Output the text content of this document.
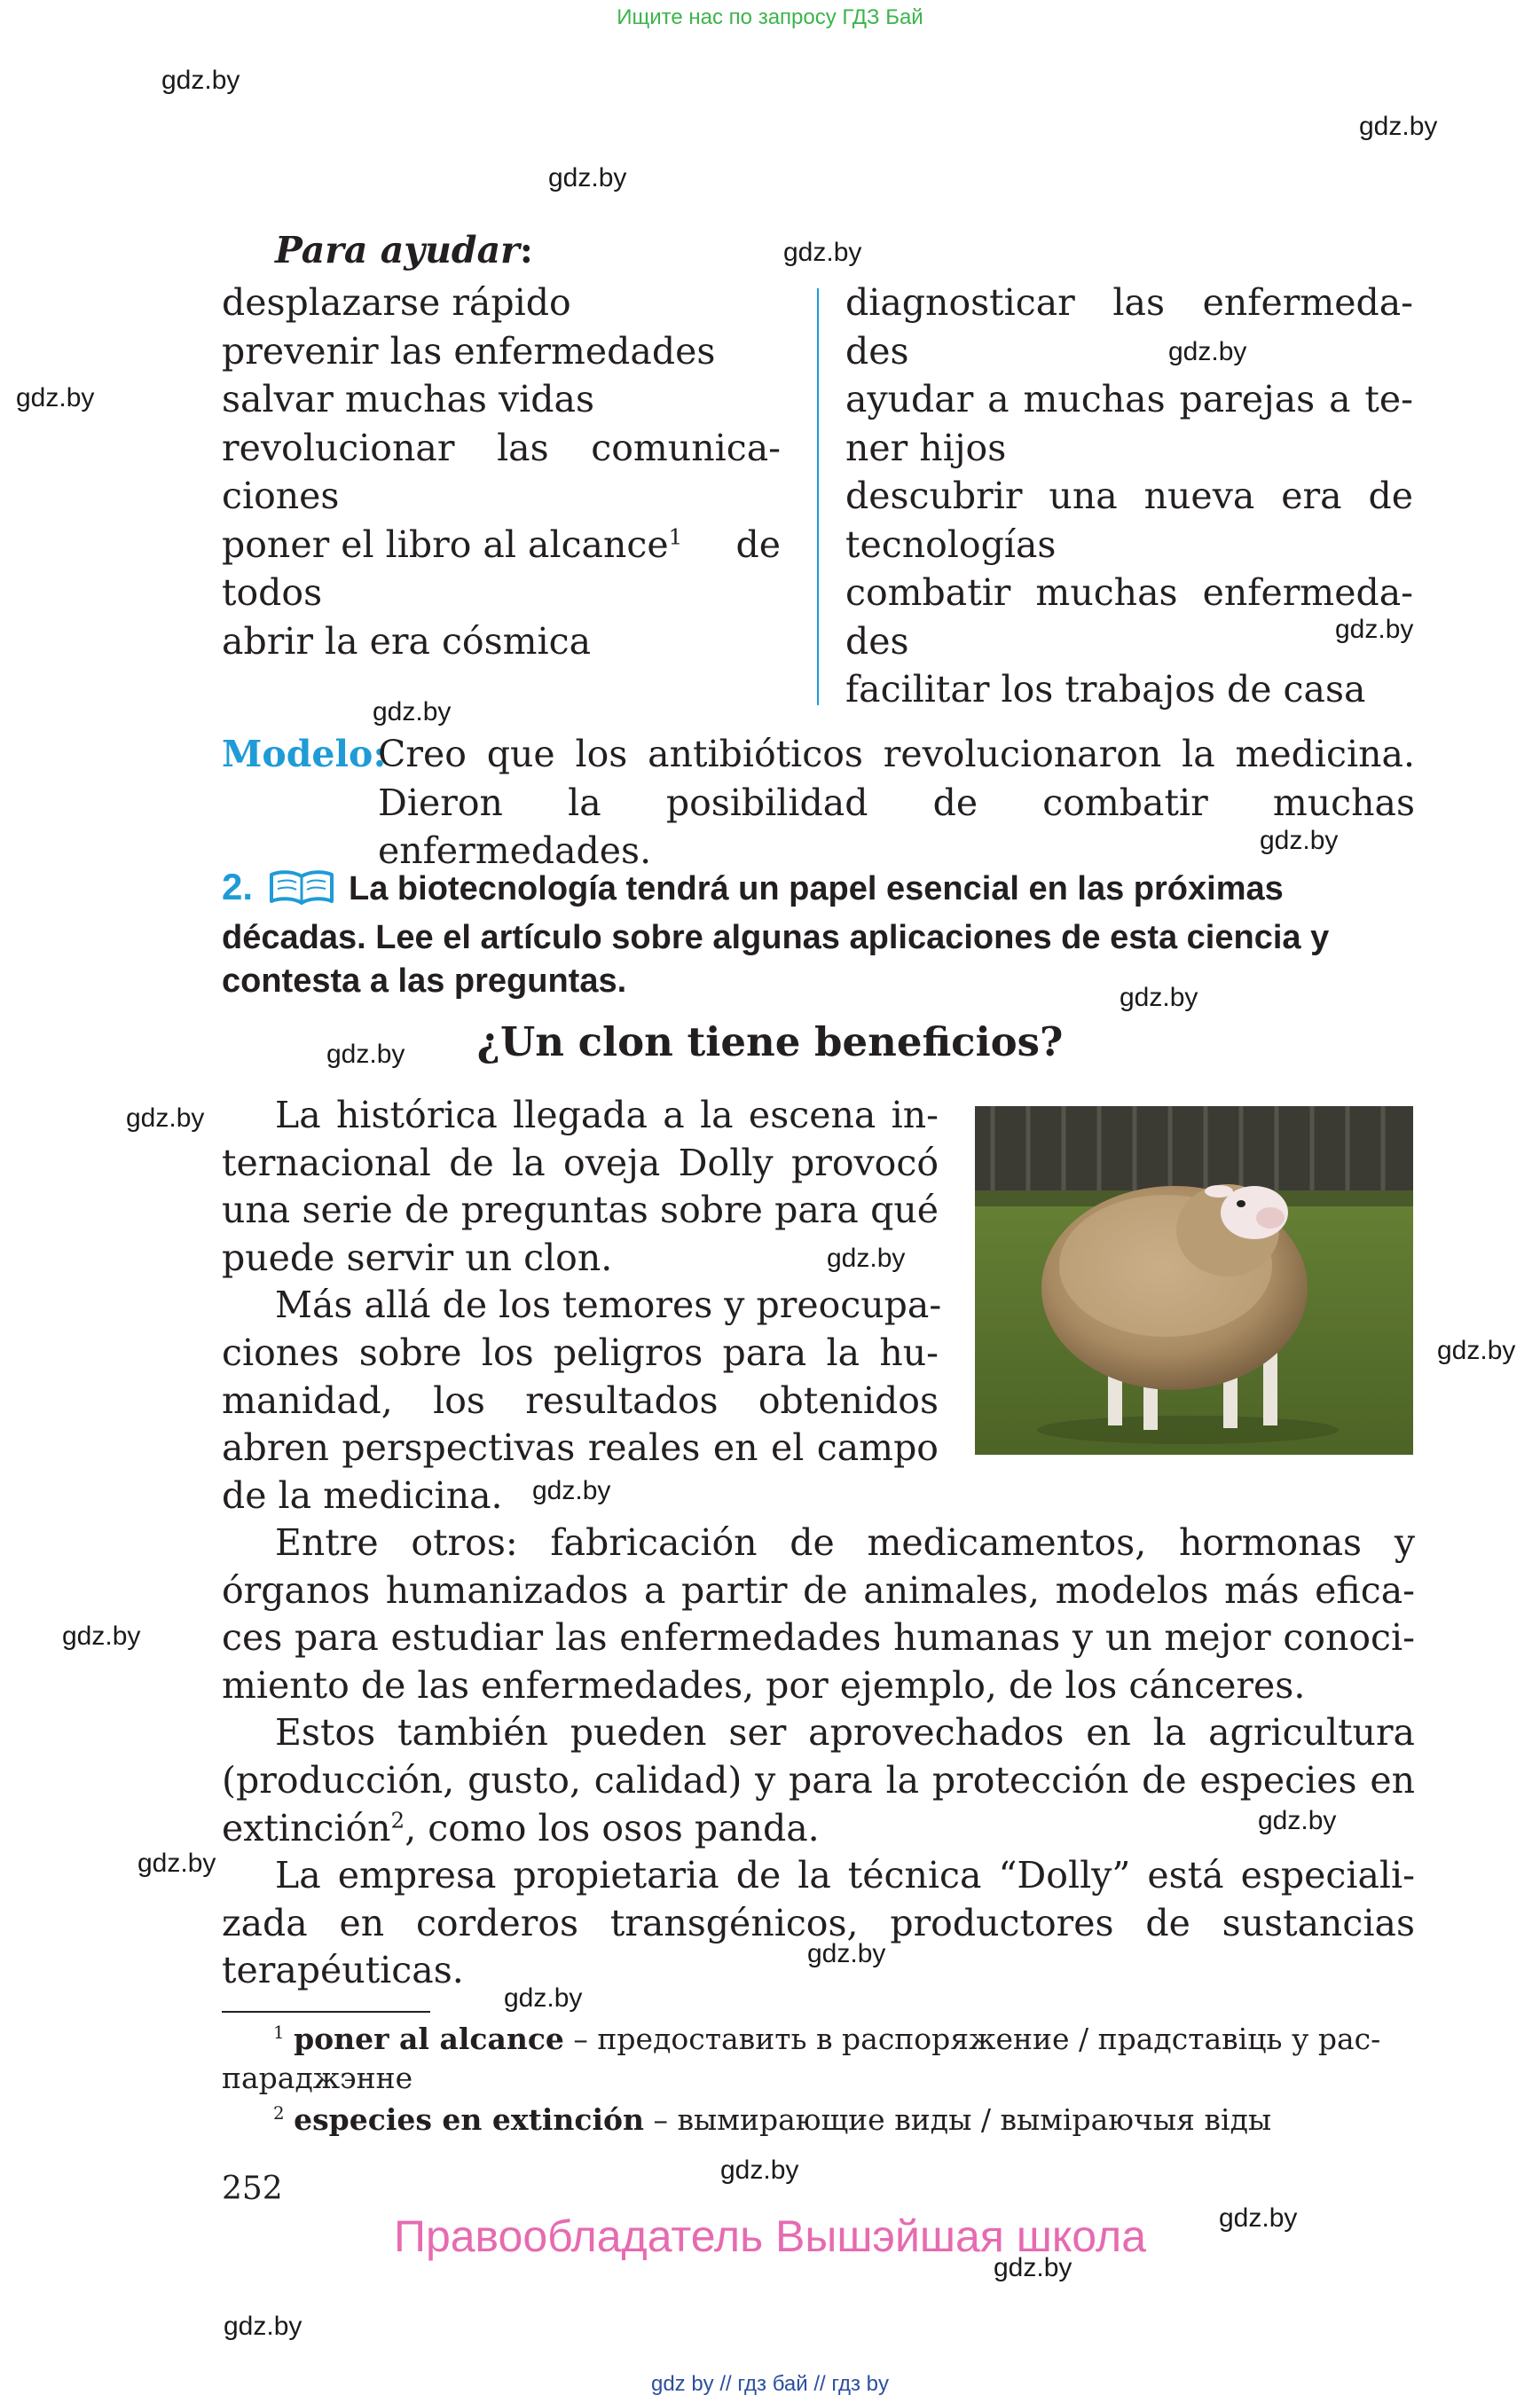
Ищите нас по запросу ГДЗ Бай
gdz.by
gdz.by
gdz.by
gdz.by
gdz.by
gdz.by
gdz.by
gdz.by
gdz.by
gdz.by
gdz.by
gdz.by
gdz.by
gdz.by
gdz.by
gdz.by
gdz.by
gdz.by
gdz.by
gdz.by
gdz.by
gdz.by
gdz.by
gdz.by
Para ayudar:
desplazarse rápido
prevenir las enfermedades
salvar muchas vidas
revolucionar las comunica-
ciones
poner el libro al alcance$^1$ de
todos
abrir la era cósmica
diagnosticar las enfermeda-
des
ayudar a muchas parejas a te-
ner hijos
descubrir una nueva era de
tecnologías
combatir muchas enfermeda-
des
facilitar los trabajos de casa
Modelo:
Creo que los antibióticos revolucionaron la medicina.
Dieron la posibilidad de combatir muchas enfermedades.
2.	La biotecnología tendrá un papel esencial en las próximas décadas. Lee el artículo sobre algunas aplicaciones de esta ciencia y contesta a las preguntas.
¿Un clon tiene beneficios?
La histórica llegada a la escena in-
ternacional de la oveja Dolly provocó
una serie de preguntas sobre para qué
puede servir un clon.
Más allá de los temores y preocupa-
ciones sobre los peligros para la hu-
manidad, los resultados obtenidos
abren perspectivas reales en el campo
de la medicina.
Entre otros: fabricación de medicamentos, hormonas y
órganos humanizados a partir de animales, modelos más efica-
ces para estudiar las enfermedades humanas y un mejor conoci-
miento de las enfermedades, por ejemplo, de los cánceres.
Estos también pueden ser aprovechados en la agricultura
(producción, gusto, calidad) y para la protección de especies en
extinción$^2$, como los osos panda.
La empresa propietaria de la técnica “Dolly” está especiali-
zada en corderos transgénicos, productores de sustancias
terapéuticas.
$^1$ poner al alcance – предоставить в распоряжение / прадставіць у рас-
параджэнне
$^2$ especies en extinción – вымирающие виды / выміраючыя віды
252
Правообладатель Вышэйшая школа
gdz by // гдз бай // гдз by
